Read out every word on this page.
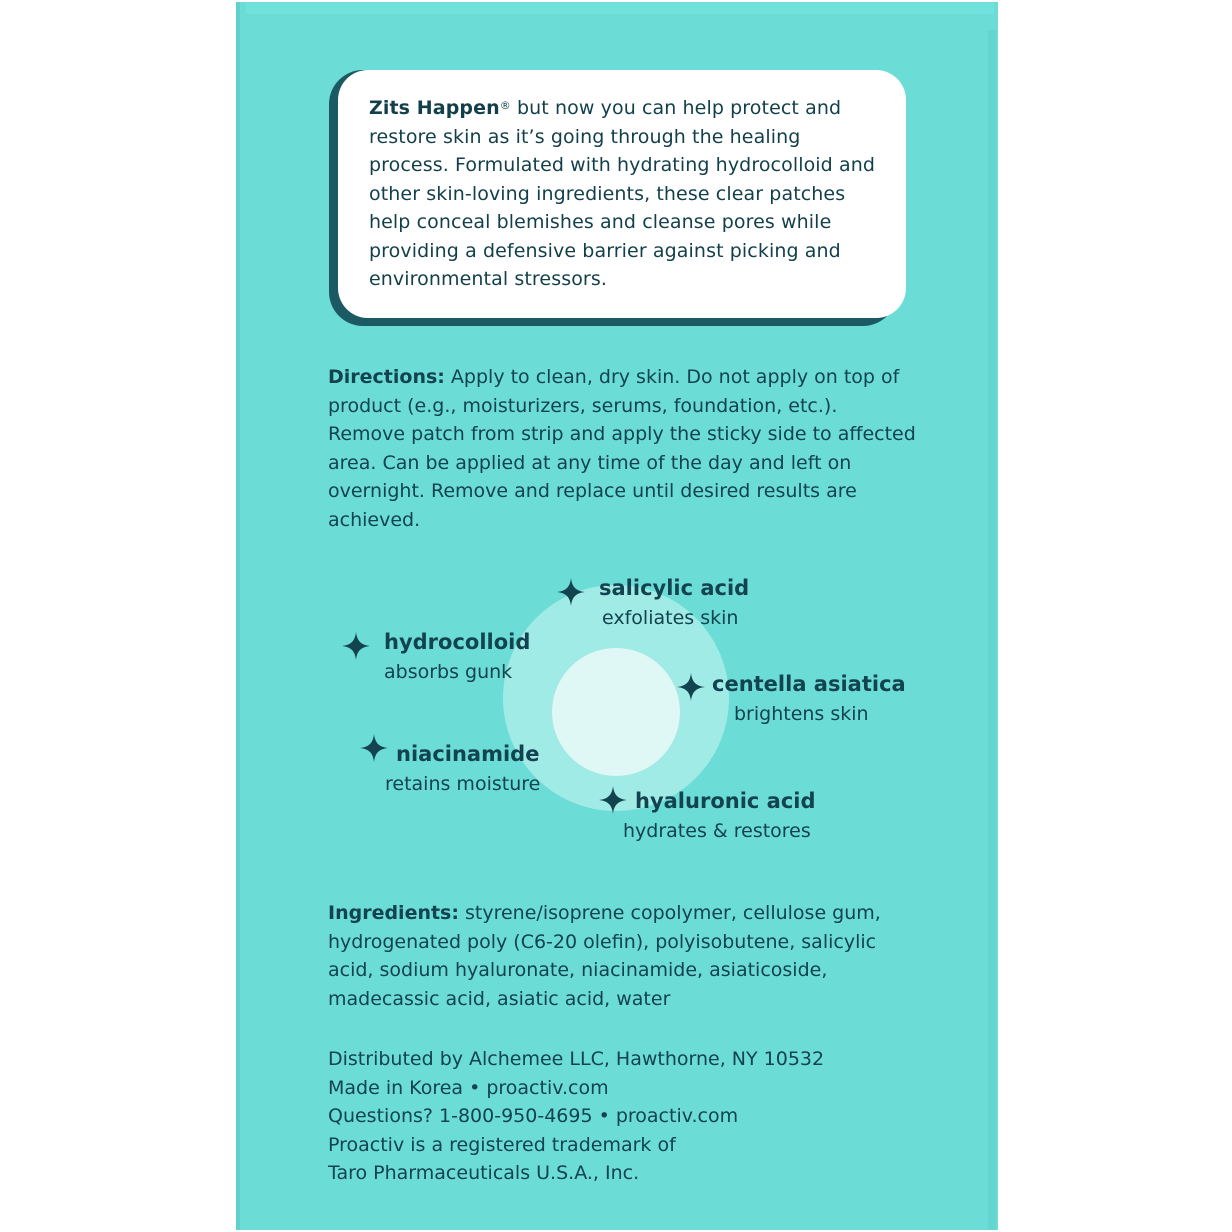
Zits Happen® but now you can help protect and restore skin as it’s going through the healing process. Formulated with hydrating hydrocolloid and other skin-loving ingredients, these clear patches help conceal blemishes and cleanse pores while providing a defensive barrier against picking and environmental stressors.

Directions: Apply to clean, dry skin. Do not apply on top of product (e.g., moisturizers, serums, foundation, etc.). Remove patch from strip and apply the sticky side to affected area. Can be applied at any time of the day and left on overnight. Remove and replace until desired results are achieved.
salicylic acid
exfoliates skin
hydrocolloid
absorbs gunk	centella asiatica
brightens skin
niacinamide
retains moisture
hyaluronic acid
hydrates & restores
Ingredients: styrene/isoprene copolymer, cellulose gum, hydrogenated poly (C6-20 olefin), polyisobutene, salicylic acid, sodium hyaluronate, niacinamide, asiaticoside, madecassic acid, asiatic acid, water
Distributed by Alchemee LLC, Hawthorne, NY 10532
Made in Korea • proactiv.com
Questions? 1-800-950-4695 • proactiv.com
Proactiv is a registered trademark of
Taro Pharmaceuticals U.S.A., Inc.
